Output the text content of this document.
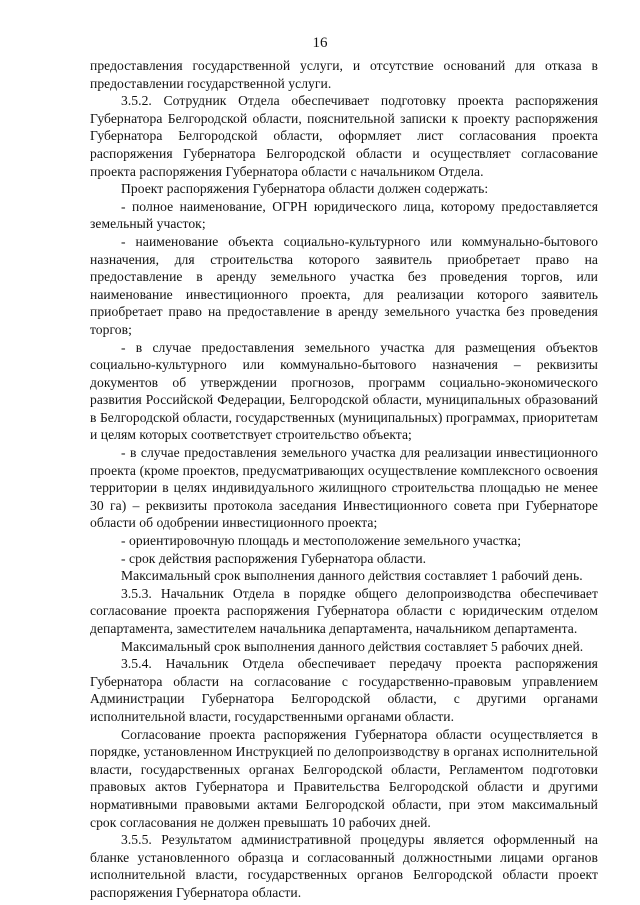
16

предоставления государственной услуги, и отсутствие оснований для отказа в предоставлении государственной услуги.

3.5.2. Сотрудник Отдела обеспечивает подготовку проекта распоряжения Губернатора Белгородской области, пояснительной записки к проекту распоряжения Губернатора Белгородской области, оформляет лист согласования проекта распоряжения Губернатора Белгородской области и осуществляет согласование проекта распоряжения Губернатора области с начальником Отдела.

Проект распоряжения Губернатора области должен содержать:

- полное наименование, ОГРН юридического лица, которому предоставляется земельный участок;

- наименование объекта социально-культурного или коммунально-бытового назначения, для строительства которого заявитель приобретает право на предоставление в аренду земельного участка без проведения торгов, или наименование инвестиционного проекта, для реализации которого заявитель приобретает право на предоставление в аренду земельного участка без проведения торгов;

- в случае предоставления земельного участка для размещения объектов социально-культурного или коммунально-бытового назначения – реквизиты документов об утверждении прогнозов, программ социально-экономического развития Российской Федерации, Белгородской области, муниципальных образований в Белгородской области, государственных (муниципальных) программах, приоритетам и целям которых соответствует строительство объекта;

- в случае предоставления земельного участка для реализации инвестиционного проекта (кроме проектов, предусматривающих осуществление комплексного освоения территории в целях индивидуального жилищного строительства площадью не менее 30 га) – реквизиты протокола заседания Инвестиционного совета при Губернаторе области об одобрении инвестиционного проекта;

- ориентировочную площадь и местоположение земельного участка;

- срок действия распоряжения Губернатора области.

Максимальный срок выполнения данного действия составляет 1 рабочий день.

3.5.3. Начальник Отдела в порядке общего делопроизводства обеспечивает согласование проекта распоряжения Губернатора области с юридическим отделом департамента, заместителем начальника департамента, начальником департамента.

Максимальный срок выполнения данного действия составляет 5 рабочих дней.

3.5.4. Начальник Отдела обеспечивает передачу проекта распоряжения Губернатора области на согласование с государственно-правовым управлением Администрации Губернатора Белгородской области, с другими органами исполнительной власти, государственными органами области.

Согласование проекта распоряжения Губернатора области осуществляется в порядке, установленном Инструкцией по делопроизводству в органах исполнительной власти, государственных органах Белгородской области, Регламентом подготовки правовых актов Губернатора и Правительства Белгородской области и другими нормативными правовыми актами Белгородской области, при этом максимальный срок согласования не должен превышать 10 рабочих дней.

3.5.5. Результатом административной процедуры является оформленный на бланке установленного образца и согласованный должностными лицами органов исполнительной власти, государственных органов Белгородской области проект распоряжения Губернатора области.
